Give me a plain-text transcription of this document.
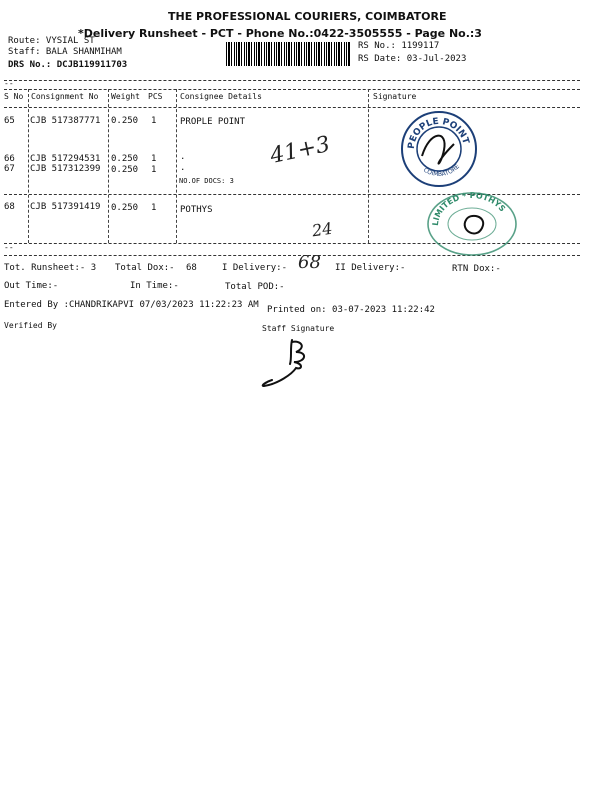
THE PROFESSIONAL COURIERS, COIMBATORE
*Delivery Runsheet - PCT - Phone No.:0422-3505555 - Page No.:3
Route: VYSIAL ST
Staff: BALA SHANMIHAM
DRS No.: DCJB119911703
RS No.: 1199117
RS Date: 03-Jul-2023
--
--
S No Consignment No Weight PCS Consignee Details	Signature
65 CJB 517387771 0.250 1	PROPLE POINT
66 CJB 517294531 0.250 1	.
67 CJB 517312399 0.250 1	.
NO.OF DOCS: 3
68 CJB 517391419 0.250 1	POTHYS
41+3
24
PEOPLE POINT
COIMBATORE
LIMITED * POTHYS
Tot. Runsheet:- 3 Total Dox:- 68	I Delivery:- 68 II Delivery:-	RTN Dox:-
Out Time:-	In Time:-	Total POD:-
Entered By :CHANDRIKAPVI 07/03/2023 11:22:23 AM Printed on: 03-07-2023 11:22:42
Verified By	Staff Signature
